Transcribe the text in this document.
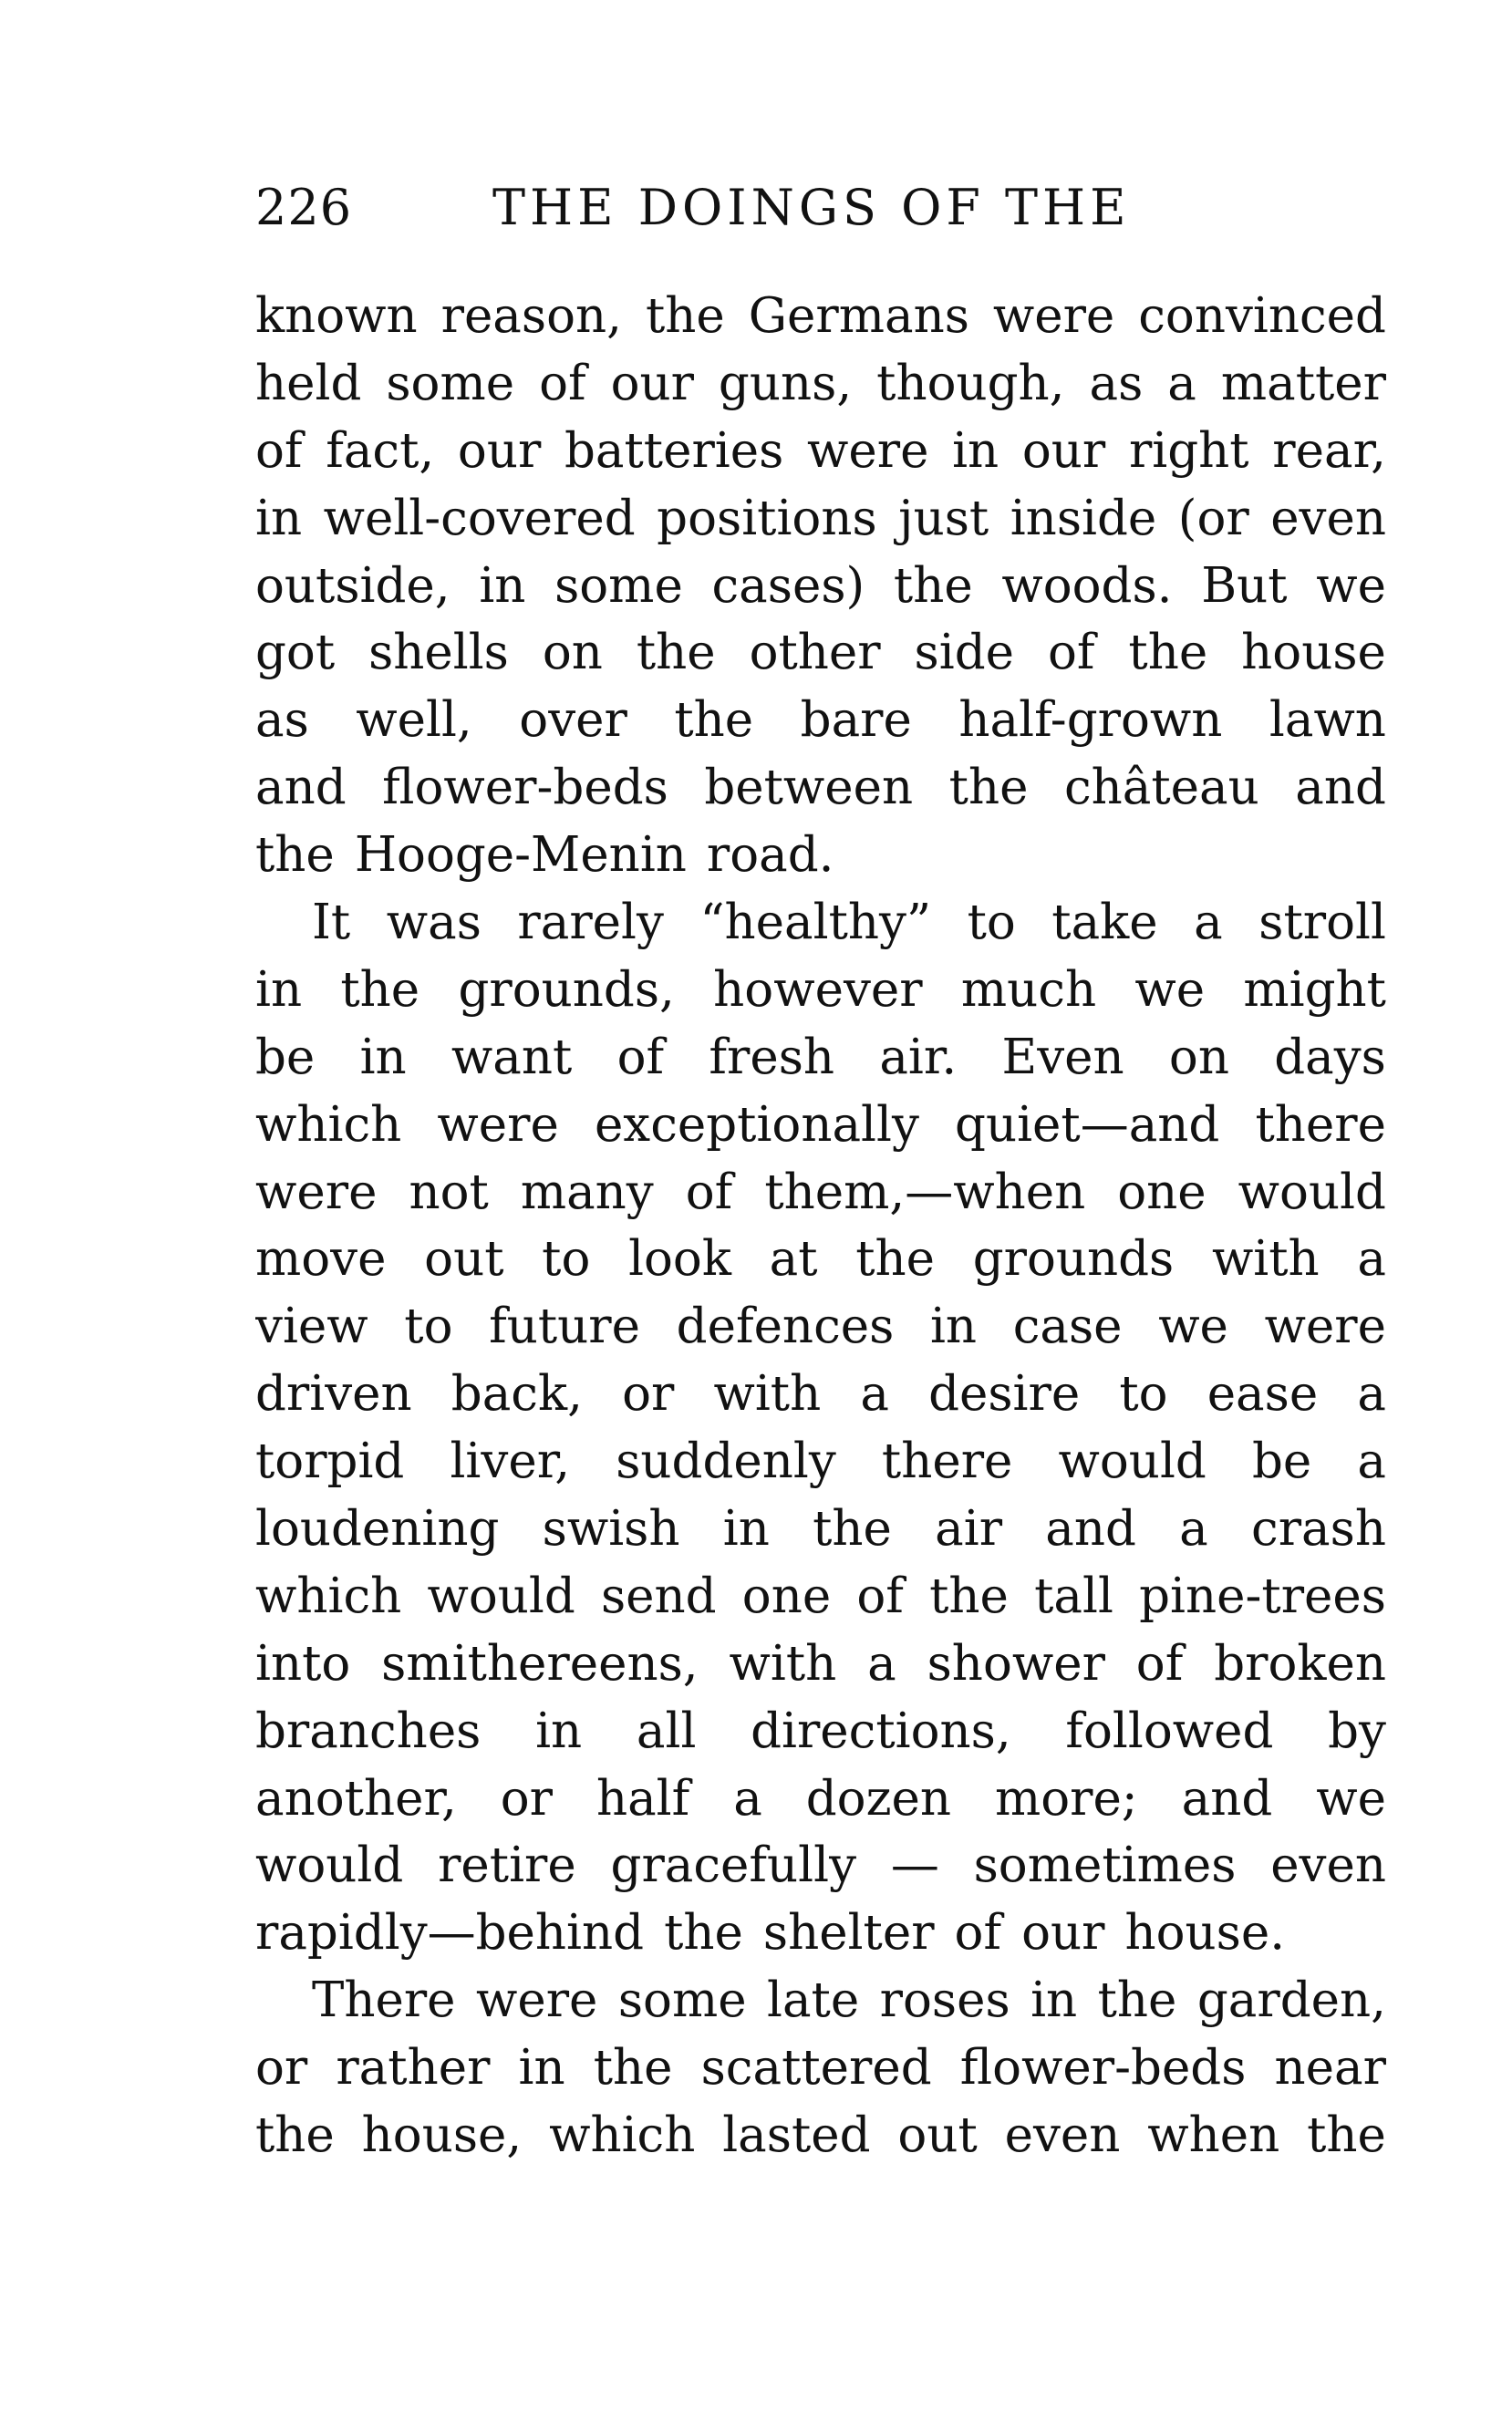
226	THE DOINGS OF THE
known reason, the Germans were convinced
held some of our guns, though, as a matter
of fact, our batteries were in our right rear,
in well-covered positions just inside (or even
outside, in some cases) the woods. But we
got shells on the other side of the house
as well, over the bare half-grown lawn
and flower-beds between the château and
the Hooge-Menin road.
It was rarely “healthy” to take a stroll
in the grounds, however much we might
be in want of fresh air. Even on days
which were exceptionally quiet—and there
were not many of them,—when one would
move out to look at the grounds with a
view to future defences in case we were
driven back, or with a desire to ease a
torpid liver, suddenly there would be a
loudening swish in the air and a crash
which would send one of the tall pine-trees
into smithereens, with a shower of broken
branches in all directions, followed by
another, or half a dozen more; and we
would retire gracefully — sometimes even
rapidly—behind the shelter of our house.
There were some late roses in the garden,
or rather in the scattered flower-beds near
the house, which lasted out even when the
